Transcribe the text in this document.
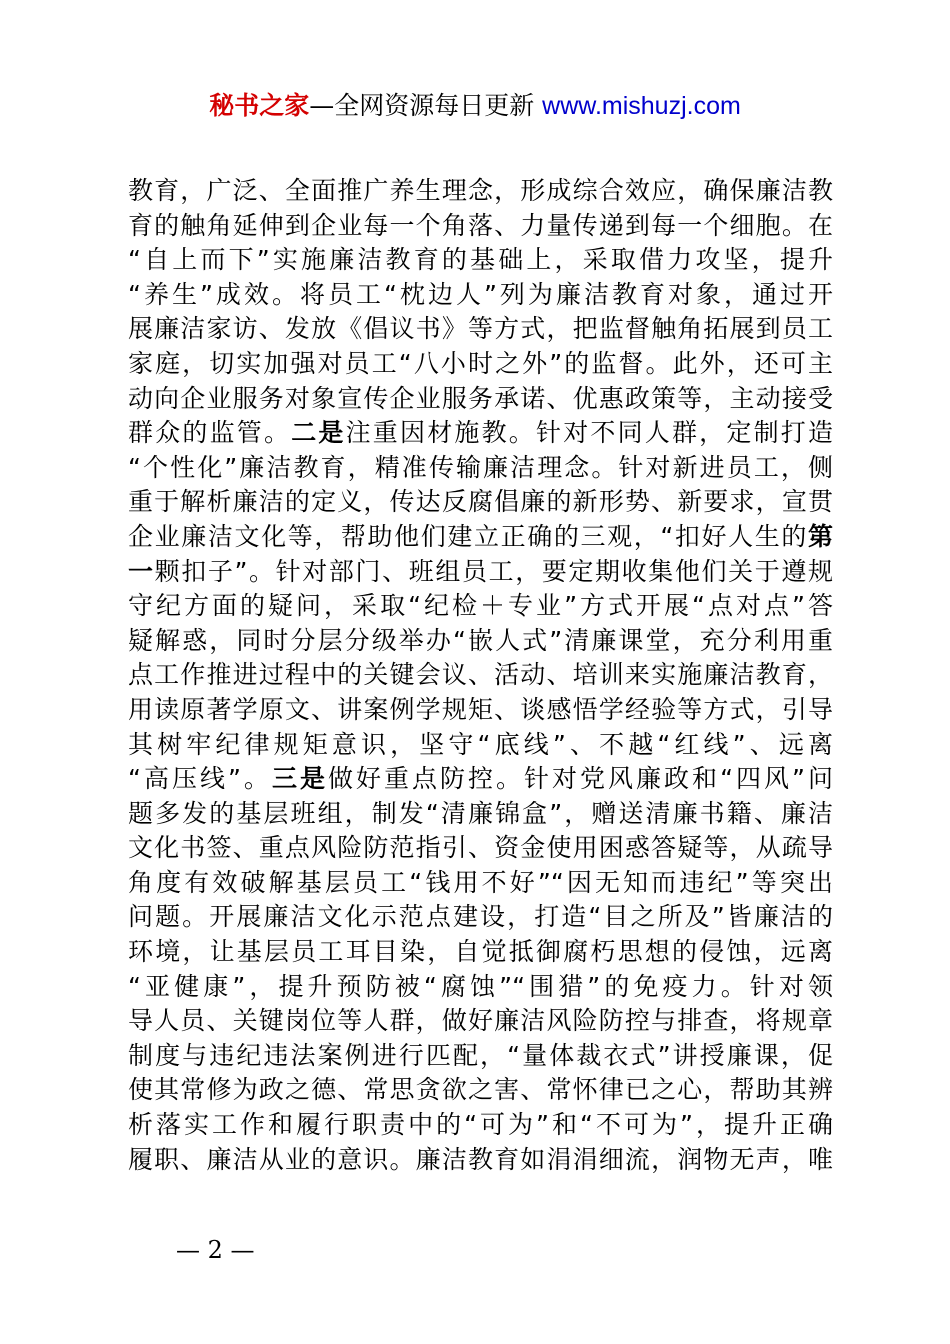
秘书之家—全网资源每日更新 www.mishuzj.com
教育，广泛、全面推广养生理念，形成综合效应，确保廉洁教
育的触角延伸到企业每一个角落、力量传递到每一个细胞。在
“自上而下”实施廉洁教育的基础上，采取借力攻坚，提升
“养生”成效。将员工“枕边人”列为廉洁教育对象，通过开
展廉洁家访、发放《倡议书》等方式，把监督触角拓展到员工
家庭，切实加强对员工“八小时之外”的监督。此外，还可主
动向企业服务对象宣传企业服务承诺、优惠政策等，主动接受
群众的监管。二是注重因材施教。针对不同人群，定制打造
“个性化”廉洁教育，精准传输廉洁理念。针对新进员工，侧
重于解析廉洁的定义，传达反腐倡廉的新形势、新要求，宣贯
企业廉洁文化等，帮助他们建立正确的三观，“扣好人生的第
一颗扣子”。针对部门、班组员工，要定期收集他们关于遵规
守纪方面的疑问，采取“纪检＋专业”方式开展“点对点”答
疑解惑，同时分层分级举办“嵌人式”清廉课堂，充分利用重
点工作推进过程中的关键会议、活动、培训来实施廉洁教育，
用读原著学原文、讲案例学规矩、谈感悟学经验等方式，引导
其树牢纪律规矩意识，坚守“底线”、不越“红线”、远离
“高压线”。三是做好重点防控。针对党风廉政和“四风”问
题多发的基层班组，制发“清廉锦盒”，赠送清廉书籍、廉洁
文化书签、重点风险防范指引、资金使用困惑答疑等，从疏导
角度有效破解基层员工“钱用不好”“因无知而违纪”等突出
问题。开展廉洁文化示范点建设，打造“目之所及”皆廉洁的
环境，让基层员工耳目染，自觉抵御腐朽思想的侵蚀，远离
“亚健康”，提升预防被“腐蚀”“围猎”的免疫力。针对领
导人员、关键岗位等人群，做好廉洁风险防控与排查，将规章
制度与违纪违法案例进行匹配，“量体裁衣式”讲授廉课，促
使其常修为政之德、常思贪欲之害、常怀律已之心，帮助其辨
析落实工作和履行职责中的“可为”和“不可为”，提升正确
履职、廉洁从业的意识。廉洁教育如涓涓细流，润物无声，唯
— 2 —
